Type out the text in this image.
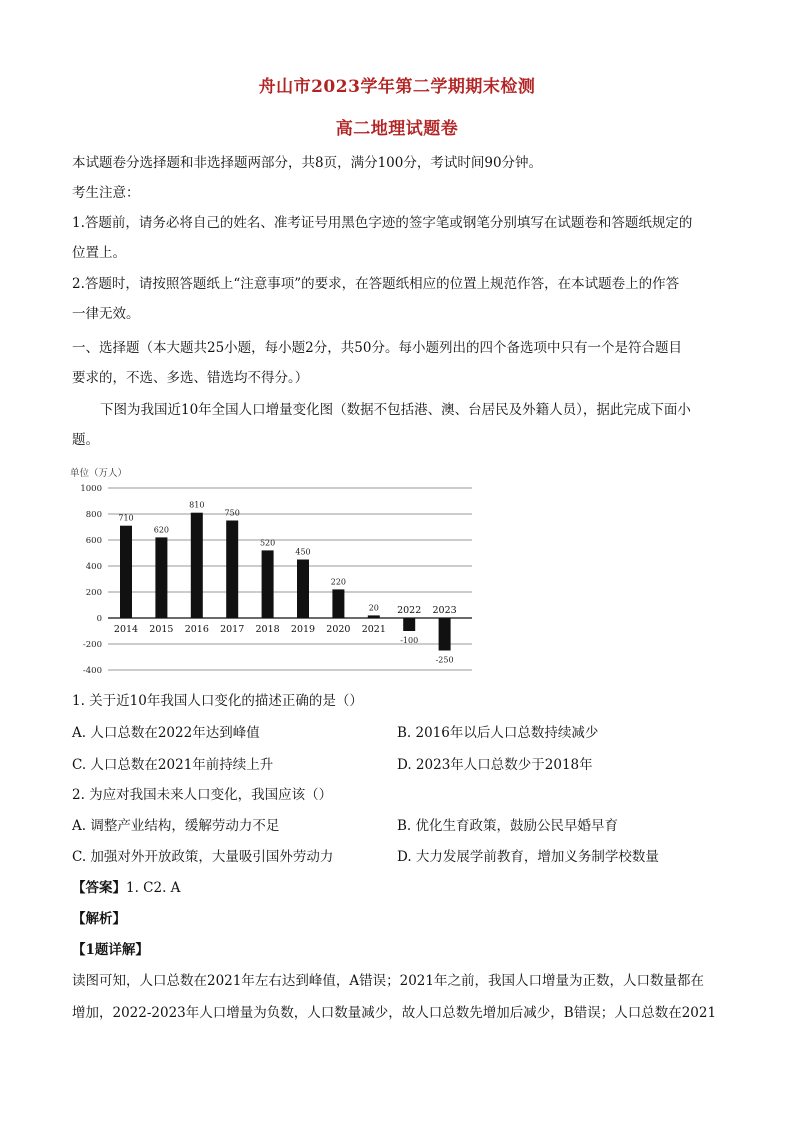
舟山市2023学年第二学期期末检测
高二地理试题卷
本试题卷分选择题和非选择题两部分，共8页，满分100分，考试时间90分钟。
考生注意：
1.答题前，请务必将自己的姓名、准考证号用黑色字迹的签字笔或钢笔分别填写在试题卷和答题纸规定的
位置上。
2.答题时，请按照答题纸上“注意事项”的要求，在答题纸相应的位置上规范作答，在本试题卷上的作答
一律无效。
一、选择题（本大题共25小题，每小题2分，共50分。每小题列出的四个备选项中只有一个是符合题目
要求的，不选、多选、错选均不得分。）
下图为我国近10年全国人口增量变化图（数据不包括港、澳、台居民及外籍人员），据此完成下面小
题。
单位（万人）
1000
800
600
400
200
0
-200
-400
710
2014
620
2015
810
2016
750
2017
520
2018
450
2019
220
2020
20
2021
-100
2022
-250
2023
1. 关于近10年我国人口变化的描述正确的是（）
A. 人口总数在2022年达到峰值	B. 2016年以后人口总数持续减少
C. 人口总数在2021年前持续上升	D. 2023年人口总数少于2018年
2. 为应对我国未来人口变化，我国应该（）
A. 调整产业结构，缓解劳动力不足	B. 优化生育政策，鼓励公民早婚早育
C. 加强对外开放政策，大量吸引国外劳动力	D. 大力发展学前教育，增加义务制学校数量
【答案】1. C2. A
【解析】
【1题详解】
读图可知，人口总数在2021年左右达到峰值，A错误；2021年之前，我国人口增量为正数，人口数量都在
增加，2022-2023年人口增量为负数，人口数量减少，故人口总数先增加后减少，B错误；人口总数在2021
